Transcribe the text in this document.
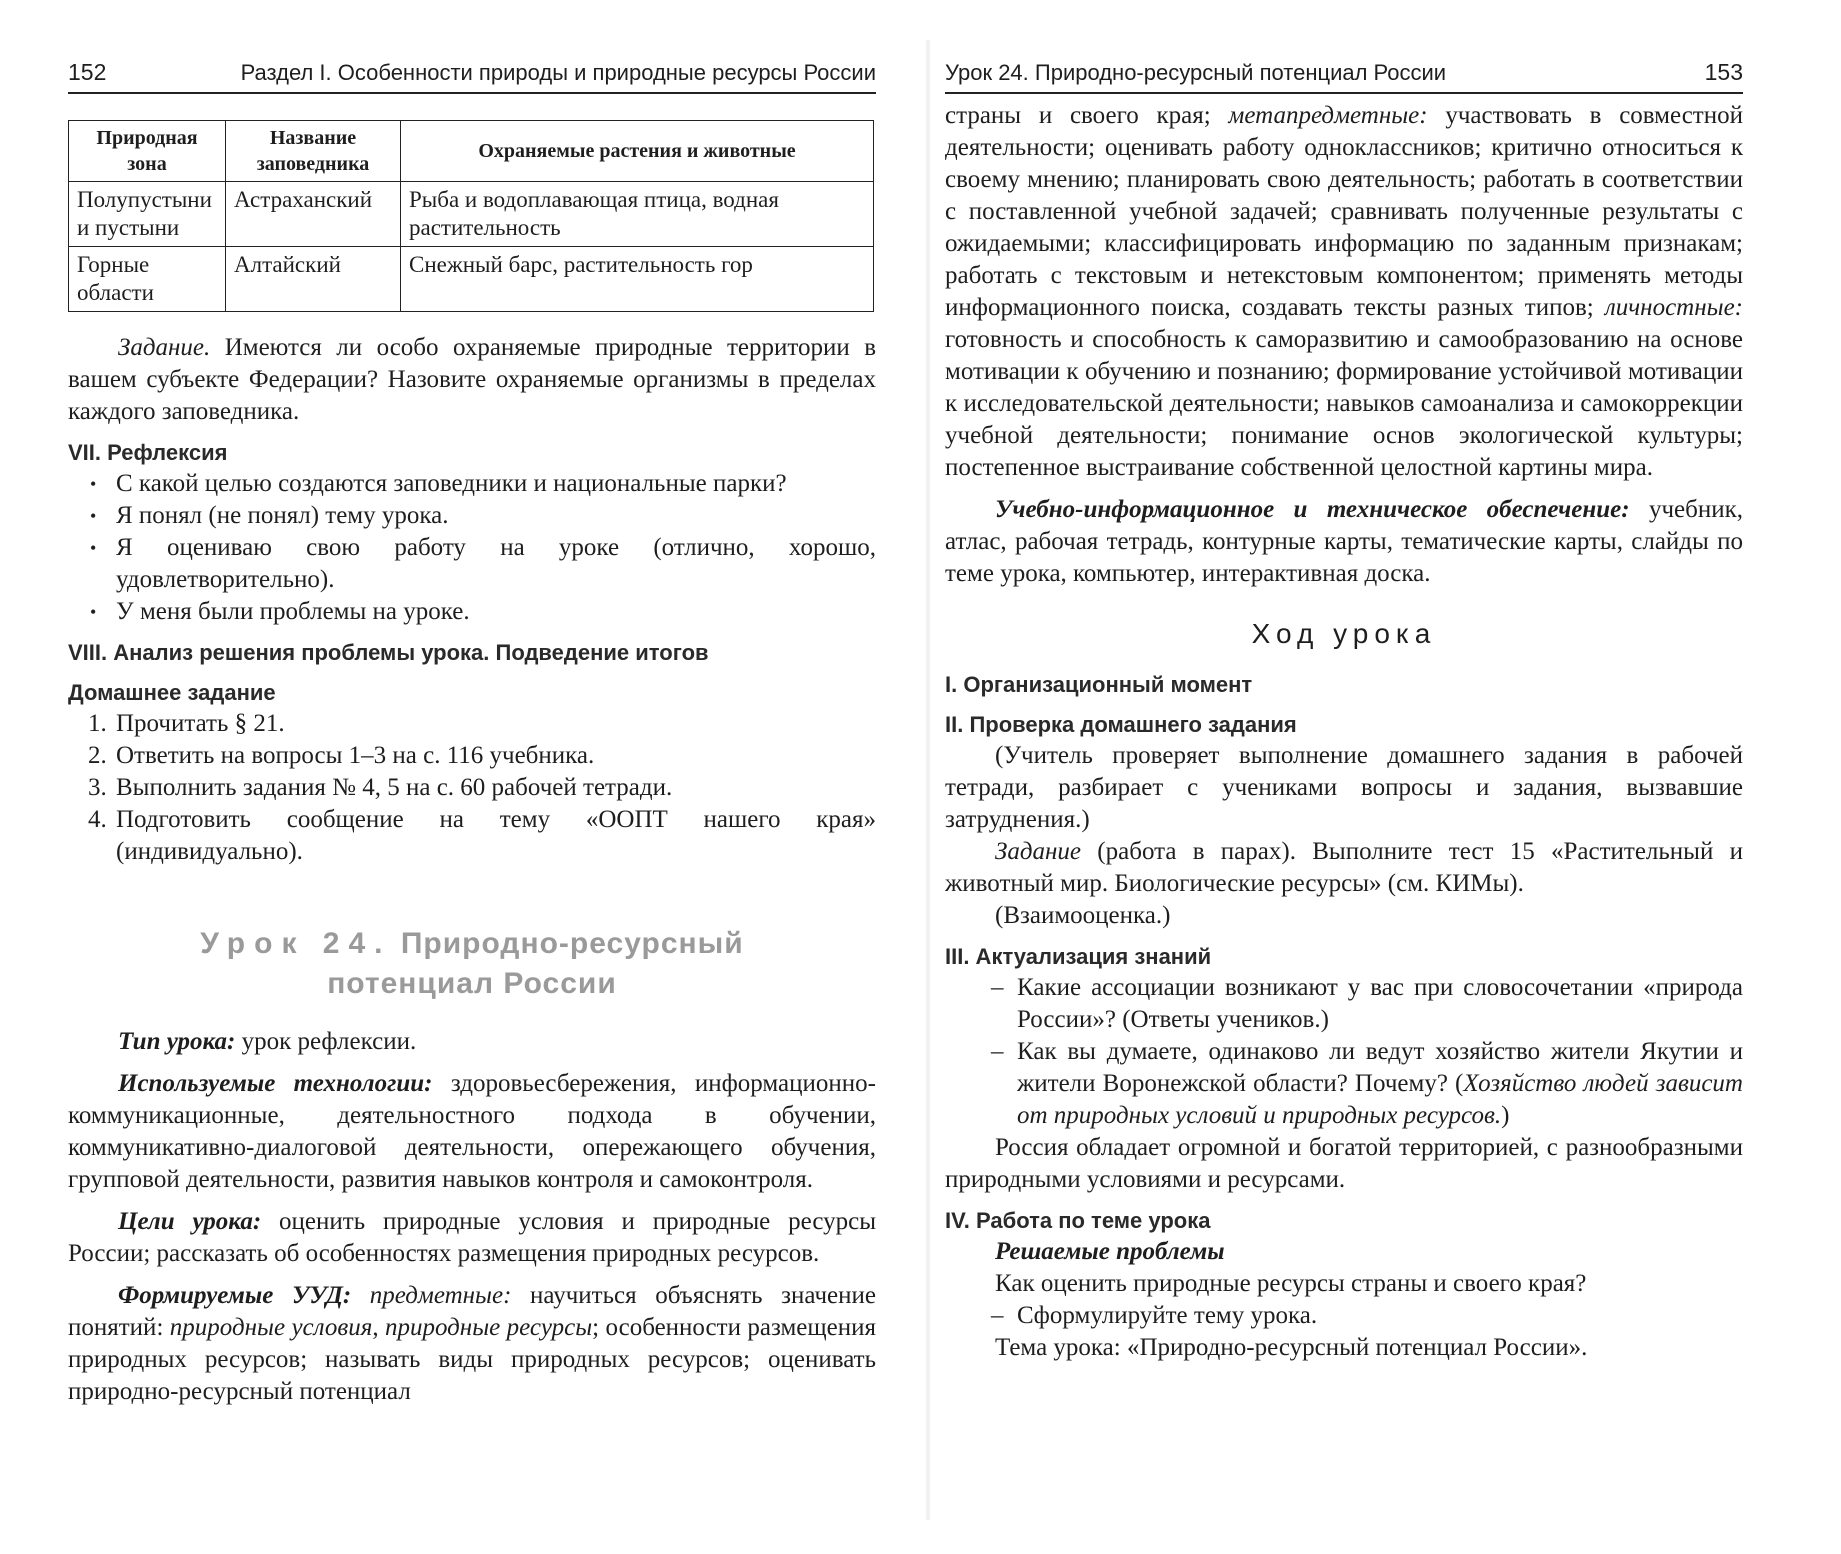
152	Раздел I. Особенности природы и природные ресурсы России
Природная зона	Название заповедника	Охраняемые растения и животные
Полупустыни и пустыни	Астраханский	Рыба и водоплавающая птица, водная растительность
Горные области	Алтайский	Снежный барс, растительность гор

Задание. Имеются ли особо охраняемые природные территории в вашем субъекте Федерации? Назовите охраняемые организмы в пределах каждого заповедника.

VII. Рефлексия
• С какой целью создаются заповедники и национальные парки?
• Я понял (не понял) тему урока.
• Я оцениваю свою работу на уроке (отлично, хорошо, удовлетворительно).
• У меня были проблемы на уроке.
VIII. Анализ решения проблемы урока. Подведение итогов
Домашнее задание
1. Прочитать § 21.
2. Ответить на вопросы 1–3 на с. 116 учебника.
3. Выполнить задания № 4, 5 на с. 60 рабочей тетради.
4. Подготовить сообщение на тему «ООПТ нашего края» (индивидуально).
Урок 24. Природно-ресурсный
потенциал России

Тип урока: урок рефлексии.

Используемые технологии: здоровьесбережения, информационно-коммуникационные, деятельностного подхода в обучении, коммуникативно-диалоговой деятельности, опережающего обучения, групповой деятельности, развития навыков контроля и самоконтроля.

Цели урока: оценить природные условия и природные ресурсы России; рассказать об особенностях размещения природных ресурсов.

Формируемые УУД: предметные: научиться объяснять значение понятий: природные условия, природные ресурсы; особенности размещения природных ресурсов; называть виды природных ресурсов; оценивать природно-ресурсный потенциал

Урок 24. Природно-ресурсный потенциал России	153

страны и своего края; метапредметные: участвовать в совместной деятельности; оценивать работу одноклассников; критично относиться к своему мнению; планировать свою деятельность; работать в соответствии с поставленной учебной задачей; сравнивать полученные результаты с ожидаемыми; классифицировать информацию по заданным признакам; работать с текстовым и нетекстовым компонентом; применять методы информационного поиска, создавать тексты разных типов; личностные: готовность и способность к саморазвитию и самообразованию на основе мотивации к обучению и познанию; формирование устойчивой мотивации к исследовательской деятельности; навыков самоанализа и самокоррекции учебной деятельности; понимание основ экологической культуры; постепенное выстраивание собственной целостной картины мира.

Учебно-информационное и техническое обеспечение: учебник, атлас, рабочая тетрадь, контурные карты, тематические карты, слайды по теме урока, компьютер, интерактивная доска.

Ход урока
I. Организационный момент
II. Проверка домашнего задания

(Учитель проверяет выполнение домашнего задания в рабочей тетради, разбирает с учениками вопросы и задания, вызвавшие затруднения.)

Задание (работа в парах). Выполните тест 15 «Растительный и животный мир. Биологические ресурсы» (см. КИМы).

(Взаимооценка.)

III. Актуализация знаний
– Какие ассоциации возникают у вас при словосочетании «природа России»? (Ответы учеников.)
– Как вы думаете, одинаково ли ведут хозяйство жители Якутии и жители Воронежской области? Почему? (Хозяйство людей зависит от природных условий и природных ресурсов.)

Россия обладает огромной и богатой территорией, с разнообразными природными условиями и ресурсами.

IV. Работа по теме урока

Решаемые проблемы

Как оценить природные ресурсы страны и своего края?

– Сформулируйте тему урока.

Тема урока: «Природно-ресурсный потенциал России».
